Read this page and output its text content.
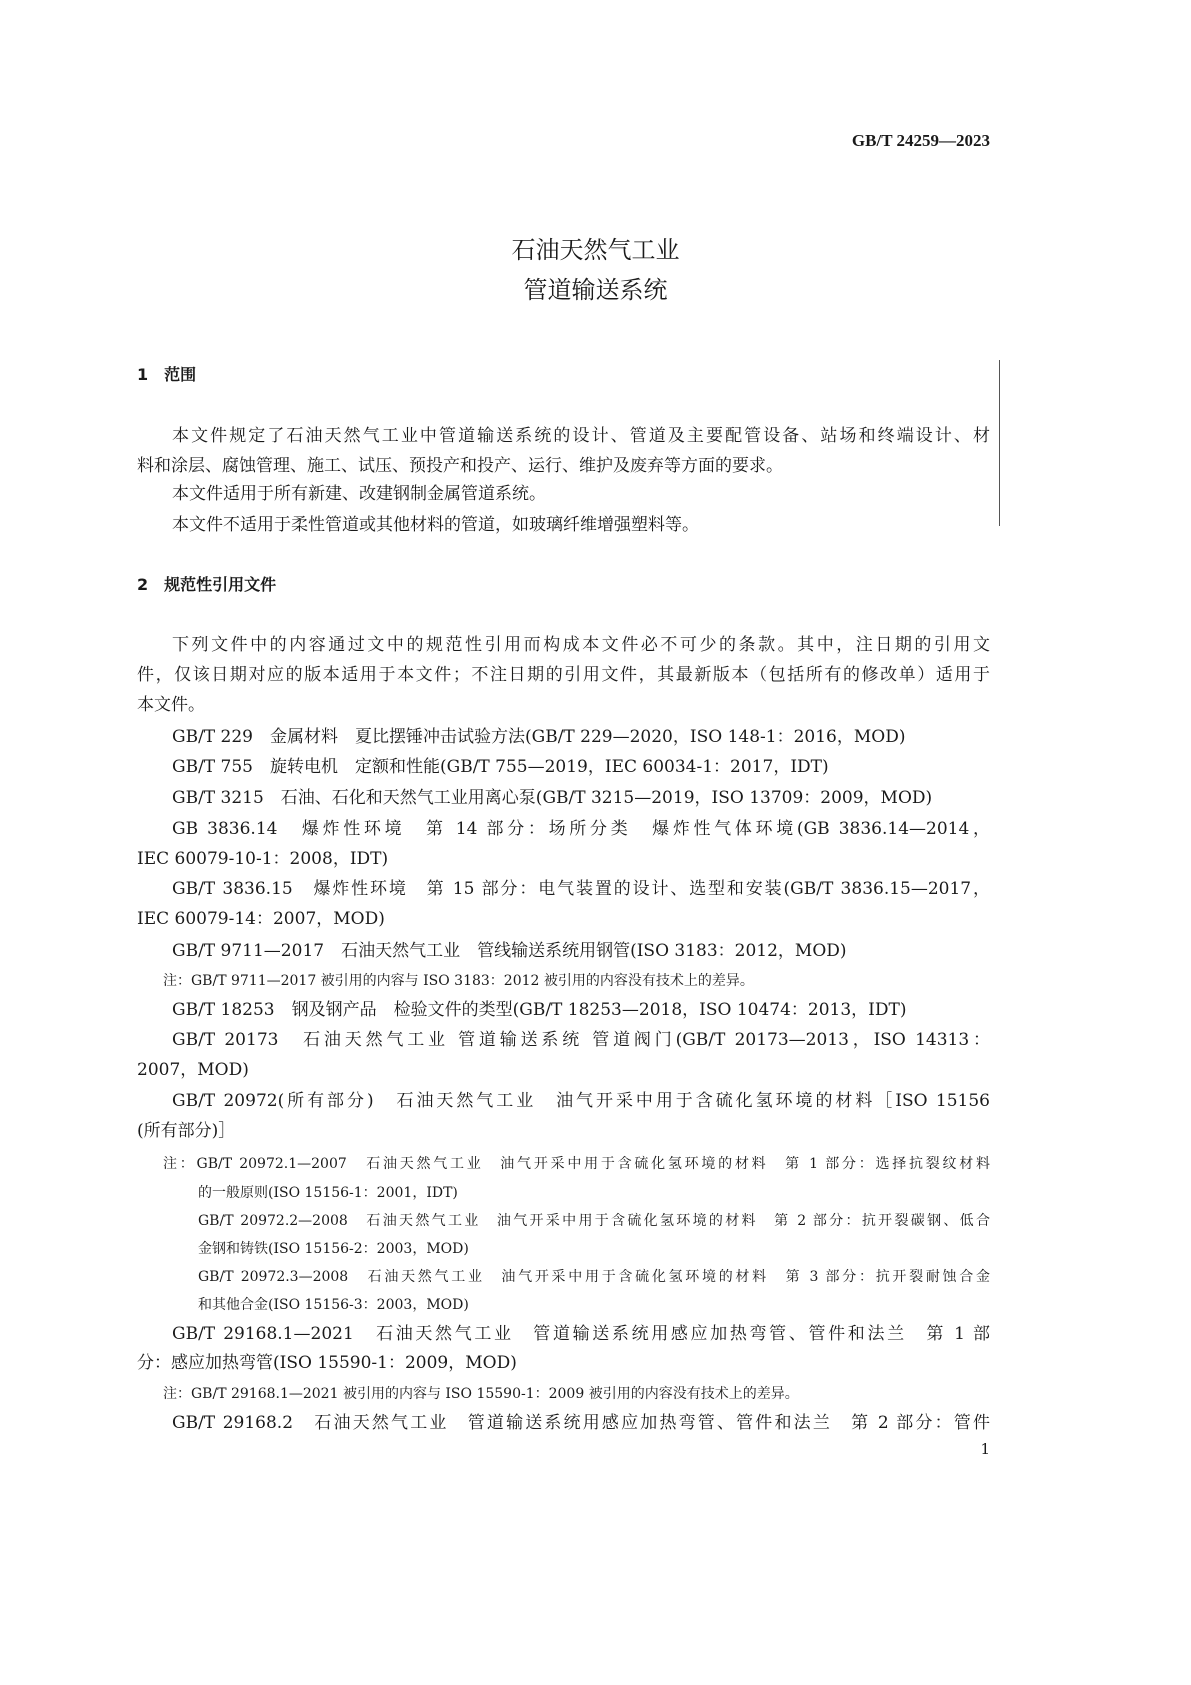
GB/T 24259—2023
石油天然气工业
管道输送系统
1　范围
本文件规定了石油天然气工业中管道输送系统的设计、管道及主要配管设备、站场和终端设计、材
料和涂层、腐蚀管理、施工、试压、预投产和投产、运行、维护及废弃等方面的要求。
本文件适用于所有新建、改建钢制金属管道系统。
本文件不适用于柔性管道或其他材料的管道，如玻璃纤维增强塑料等。
2　规范性引用文件
下列文件中的内容通过文中的规范性引用而构成本文件必不可少的条款。其中，注日期的引用文
件，仅该日期对应的版本适用于本文件；不注日期的引用文件，其最新版本（包括所有的修改单）适用于
本文件。
GB/T 229　金属材料　夏比摆锤冲击试验方法(GB/T 229—2020，ISO 148-1：2016，MOD)
GB/T 755　旋转电机　定额和性能(GB/T 755—2019，IEC 60034-1：2017，IDT)
GB/T 3215　石油、石化和天然气工业用离心泵(GB/T 3215—2019，ISO 13709：2009，MOD)
GB 3836.14　爆炸性环境　第 14 部分：场所分类　爆炸性气体环境(GB 3836.14—2014，
IEC 60079-10-1：2008，IDT)
GB/T 3836.15　爆炸性环境　第 15 部分：电气装置的设计、选型和安装(GB/T 3836.15—2017，
IEC 60079-14：2007，MOD)
GB/T 9711—2017　石油天然气工业　管线输送系统用钢管(ISO 3183：2012，MOD)
注：GB/T 9711—2017 被引用的内容与 ISO 3183：2012 被引用的内容没有技术上的差异。
GB/T 18253　钢及钢产品　检验文件的类型(GB/T 18253—2018，ISO 10474：2013，IDT)
GB/T 20173　石油天然气工业 管道输送系统 管道阀门(GB/T 20173—2013，ISO 14313：
2007，MOD)
GB/T 20972(所有部分)　石油天然气工业　油气开采中用于含硫化氢环境的材料［ISO 15156
(所有部分)］
注：GB/T 20972.1—2007　石油天然气工业　油气开采中用于含硫化氢环境的材料　第 1 部分：选择抗裂纹材料
的一般原则(ISO 15156-1：2001，IDT)
GB/T 20972.2—2008　石油天然气工业　油气开采中用于含硫化氢环境的材料　第 2 部分：抗开裂碳钢、低合
金钢和铸铁(ISO 15156-2：2003，MOD)
GB/T 20972.3—2008　石油天然气工业　油气开采中用于含硫化氢环境的材料　第 3 部分：抗开裂耐蚀合金
和其他合金(ISO 15156-3：2003，MOD)
GB/T 29168.1—2021　石油天然气工业　管道输送系统用感应加热弯管、管件和法兰　第 1 部
分：感应加热弯管(ISO 15590-1：2009，MOD)
注：GB/T 29168.1—2021 被引用的内容与 ISO 15590-1：2009 被引用的内容没有技术上的差异。
GB/T 29168.2　石油天然气工业　管道输送系统用感应加热弯管、管件和法兰　第 2 部分：管件
1
